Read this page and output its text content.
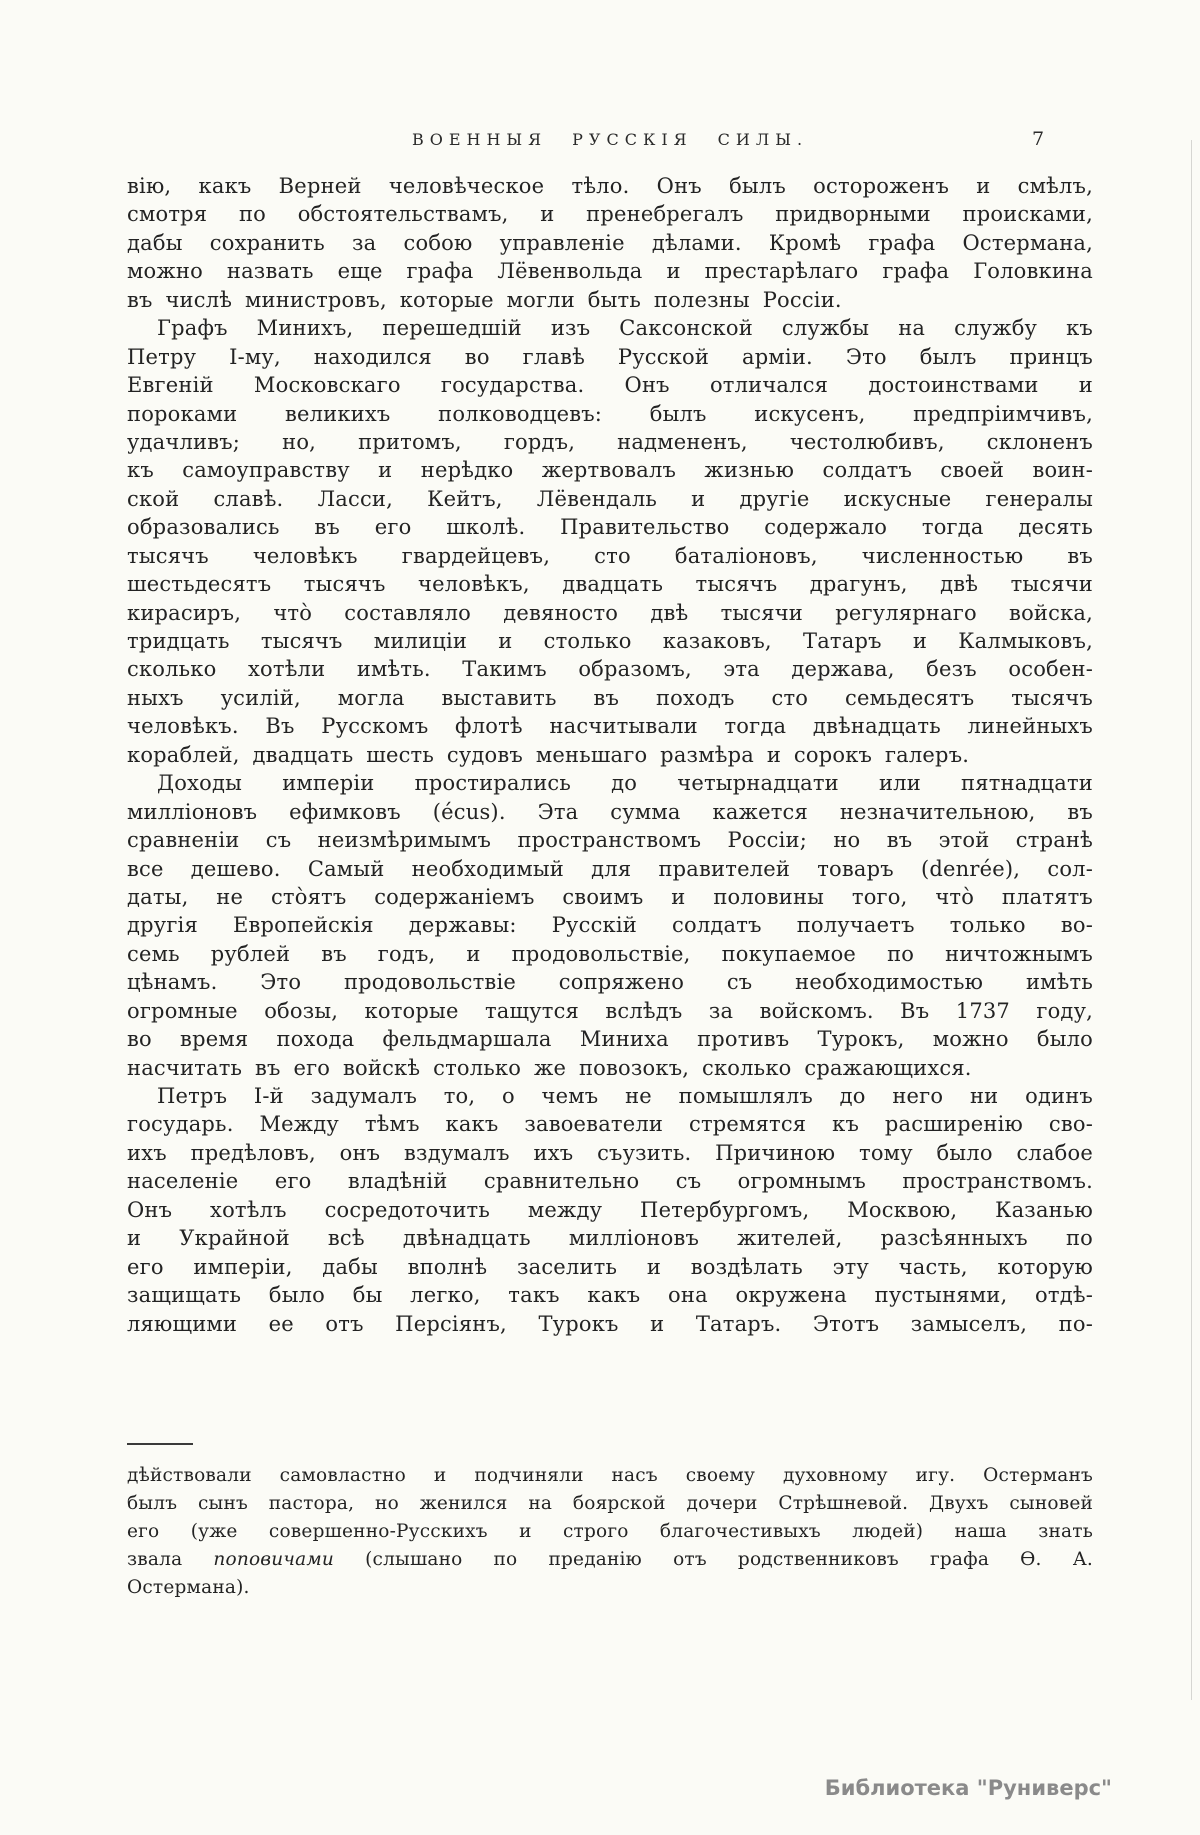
ВОЕННЫЯ РУССКІЯ СИЛЫ.	7
вію, какъ Верней человѣческое тѣло. Онъ былъ остороженъ и смѣлъ,
смотря по обстоятельствамъ, и пренебрегалъ придворными происками,
дабы сохранить за собою управленіе дѣлами. Кромѣ графа Остермана,
можно назвать еще графа Лёвенвольда и престарѣлаго графа Головкина
въ числѣ министровъ, которые могли быть полезны Россіи.
Графъ Минихъ, перешедшій изъ Саксонской службы на службу къ
Петру I-му, находился во главѣ Русской арміи. Это былъ принцъ
Евгеній Московскаго государства. Онъ отличался достоинствами и
пороками великихъ полководцевъ: былъ искусенъ, предпріимчивъ,
удачливъ; но, притомъ, гордъ, надмененъ, честолюбивъ, склоненъ
къ самоуправству и нерѣдко жертвовалъ жизнью солдатъ своей воин-
ской славѣ. Ласси, Кейтъ, Лёвендаль и другіе искусные генералы
образовались въ его школѣ. Правительство содержало тогда десять
тысячъ человѣкъ гвардейцевъ, сто баталіоновъ, численностью въ
шестьдесятъ тысячъ человѣкъ, двадцать тысячъ драгунъ, двѣ тысячи
кирасиръ, чтò составляло девяносто двѣ тысячи регулярнаго войска,
тридцать тысячъ милиціи и столько казаковъ, Татаръ и Калмыковъ,
сколько хотѣли имѣть. Такимъ образомъ, эта держава, безъ особен-
ныхъ усилій, могла выставить въ походъ сто семьдесятъ тысячъ
человѣкъ. Въ Русскомъ флотѣ насчитывали тогда двѣнадцать линейныхъ
кораблей, двадцать шесть судовъ меньшаго размѣра и сорокъ галеръ.
Доходы имперіи простирались до четырнадцати или пятнадцати
милліоновъ ефимковъ (écus). Эта сумма кажется незначительною, въ
сравненіи съ неизмѣримымъ пространствомъ Россіи; но въ этой странѣ
все дешево. Самый необходимый для правителей товаръ (denrée), сол-
даты, не стòятъ содержаніемъ своимъ и половины того, чтò платятъ
другія Европейскія державы: Русскій солдатъ получаетъ только во-
семь рублей въ годъ, и продовольствіе, покупаемое по ничтожнымъ
цѣнамъ. Это продовольствіе сопряжено съ необходимостью имѣть
огромные обозы, которые тащутся вслѣдъ за войскомъ. Въ 1737 году,
во время похода фельдмаршала Миниха противъ Турокъ, можно было
насчитать въ его войскѣ столько же повозокъ, сколько сражающихся.
Петръ I-й задумалъ то, о чемъ не помышлялъ до него ни одинъ
государь. Между тѣмъ какъ завоеватели стремятся къ расширенію сво-
ихъ предѣловъ, онъ вздумалъ ихъ съузить. Причиною тому было слабое
населеніе его владѣній сравнительно съ огромнымъ пространствомъ.
Онъ хотѣлъ сосредоточить между Петербургомъ, Москвою, Казанью
и Украйной всѣ двѣнадцать милліоновъ жителей, разсѣянныхъ по
его имперіи, дабы вполнѣ заселить и воздѣлать эту часть, которую
защищать было бы легко, такъ какъ она окружена пустынями, отдѣ-
ляющими ее отъ Персіянъ, Турокъ и Татаръ. Этотъ замыселъ, по-
дѣйствовали самовластно и подчиняли насъ своему духовному игу. Остерманъ
былъ сынъ пастора, но женился на боярской дочери Стрѣшневой. Двухъ сыновей
его (уже совершенно-Русскихъ и строго благочестивыхъ людей) наша знать
звала поповичами (слышано по преданію отъ родственниковъ графа Ѳ. А.
Остермана).
Библиотека "Руниверс"
